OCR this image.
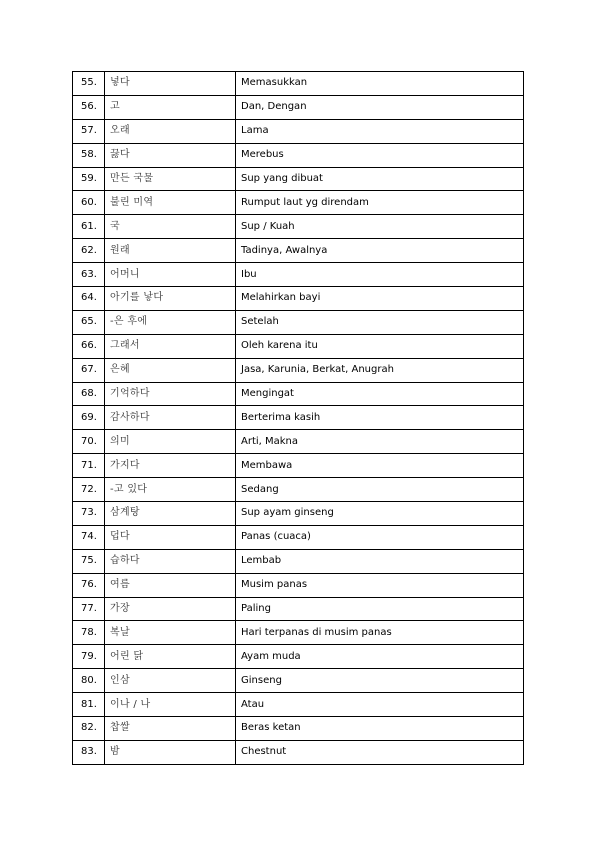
55.	넣다	Memasukkan
56.	고	Dan, Dengan
57.	오래	Lama
58.	끓다	Merebus
59.	만든 국물	Sup yang dibuat
60.	불린 미역	Rumput laut yg direndam
61.	국	Sup / Kuah
62.	원래	Tadinya, Awalnya
63.	어머니	Ibu
64.	아기를 낳다	Melahirkan bayi
65.	-은 후에	Setelah
66.	그래서	Oleh karena itu
67.	은혜	Jasa, Karunia, Berkat, Anugrah
68.	기억하다	Mengingat
69.	감사하다	Berterima kasih
70.	의미	Arti, Makna
71.	가지다	Membawa
72.	-고 있다	Sedang
73.	삼계탕	Sup ayam ginseng
74.	덥다	Panas (cuaca)
75.	습하다	Lembab
76.	여름	Musim panas
77.	가장	Paling
78.	복날	Hari terpanas di musim panas
79.	어린 닭	Ayam muda
80.	인삼	Ginseng
81.	이나 / 나	Atau
82.	찹쌀	Beras ketan
83.	밤	Chestnut
